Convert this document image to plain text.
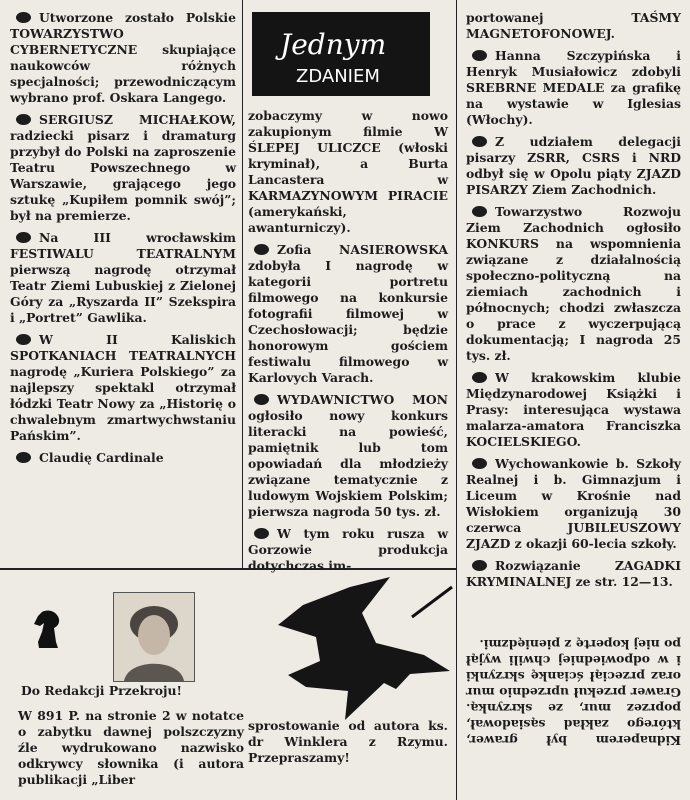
Utworzone zostało Polskie TOWARZYSTWO CYBERNETYCZNE skupiające naukowców różnych specjalności; przewodniczącym wybrano prof. Oskara Langego.
SERGIUSZ MICHAŁKOW, radziecki pisarz i dramaturg przybył do Polski na zaproszenie Teatru Powszechnego w Warszawie, grającego jego sztukę „Kupiłem pomnik swój”; był na premierze.
Na III wrocławskim FESTIWALU TEATRALNYM pierwszą nagrodę otrzymał Teatr Ziemi Lubuskiej z Zielonej Góry za „Ryszarda II” Szekspira i „Portret” Gawlika.
W II Kaliskich SPOTKANIACH TEATRALNYCH nagrodę „Kuriera Polskiego” za najlepszy spektakl otrzymał łódzki Teatr Nowy za „Historię o chwalebnym zmartwychwstaniu Pańskim”.
Claudię Cardinale
Jednym
ZDANIEM
zobaczymy w nowo zakupionym filmie W ŚLEPEJ ULICZCE (włoski kryminał), a Burta Lancastera w KARMAZYNOWYM PIRACIE (amerykański, awanturniczy).
Zofia NASIEROWSKA zdobyła I nagrodę w kategorii portretu filmowego na konkursie fotografii filmowej w Czechosłowacji; będzie honorowym gościem festiwalu filmowego w Karlovych Varach.
WYDAWNICTWO MON ogłosiło nowy konkurs literacki na powieść, pamiętnik lub tom opowiadań dla młodzieży związane tematycznie z ludowym Wojskiem Polskim; pierwsza nagroda 50 tys. zł.
W tym roku rusza w Gorzowie produkcja dotychczas im-
portowanej TAŚMY MAGNETOFONOWEJ.
Hanna Szczypińska i Henryk Musiałowicz zdobyli SREBRNE MEDALE za grafikę na wystawie w Iglesias (Włochy).
Z udziałem delegacji pisarzy ZSRR, CSRS i NRD odbył się w Opolu piąty ZJAZD PISARZY Ziem Zachodnich.
Towarzystwo Rozwoju Ziem Zachodnich ogłosiło KONKURS na wspomnienia związane z działalnością społeczno-polityczną na ziemiach zachodnich i północnych; chodzi zwłaszcza o prace z wyczerpującą dokumentacją; I nagroda 25 tys. zł.
W krakowskim klubie Międzynarodowej Książki i Prasy: interesująca wystawa malarza-amatora Franciszka KOCIELSKIEGO.
Wychowankowie b. Szkoły Realnej i b. Gimnazjum i Liceum w Krośnie nad Wisłokiem organizują 30 czerwca JUBILEUSZOWY ZJAZD z okazji 60-lecia szkoły.
Rozwiązanie ZAGADKI KRYMINALNEJ ze str. 12—13.
Kidnaperem był grawer, którego zakład sąsiadował, poprzez mur, ze skrzynką. Grawer przekuł uprzednio mur oraz przeciął ściankę skrzynki i w odpowiedniej chwili wyjął po niej kopertę z pieniędzmi.
Do Redakcji Przekroju!
W 891 P. na stronie 2 w notatce o zabytku dawnej polszczyzny źle wydrukowano nazwisko odkrywcy słownika (i autora publikacji „Liber
sprostowanie od autora ks. dr Winklera z Rzymu. Przepraszamy!
